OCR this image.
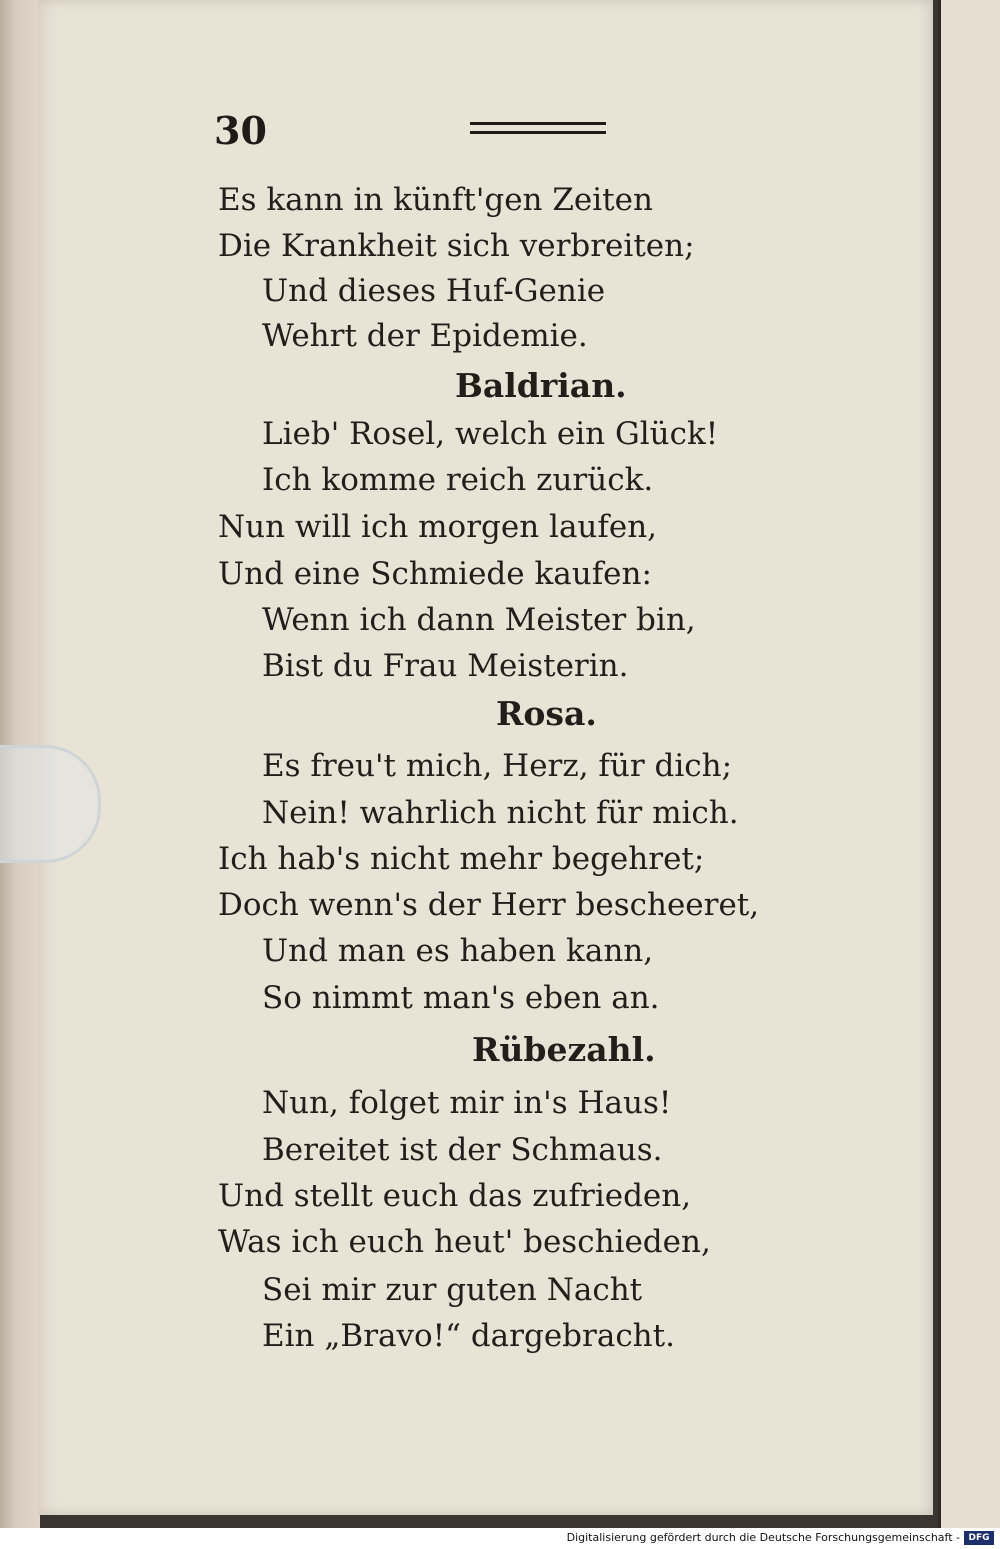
30
Es kann in künft'gen Zeiten
Die Krankheit sich verbreiten;
Und dieses Huf-Genie
Wehrt der Epidemie.
Baldrian.
Lieb' Rosel, welch ein Glück!
Ich komme reich zurück.
Nun will ich morgen laufen,
Und eine Schmiede kaufen:
Wenn ich dann Meister bin,
Bist du Frau Meisterin.
Rosa.
Es freu't mich, Herz, für dich;
Nein! wahrlich nicht für mich.
Ich hab's nicht mehr begehret;
Doch wenn's der Herr bescheeret,
Und man es haben kann,
So nimmt man's eben an.
Rübezahl.
Nun, folget mir in's Haus!
Bereitet ist der Schmaus.
Und stellt euch das zufrieden,
Was ich euch heut' beschieden,
Sei mir zur guten Nacht
Ein „Bravo!“ dargebracht.
Digitalisierung gefördert durch die Deutsche Forschungsgemeinschaft - DFG
